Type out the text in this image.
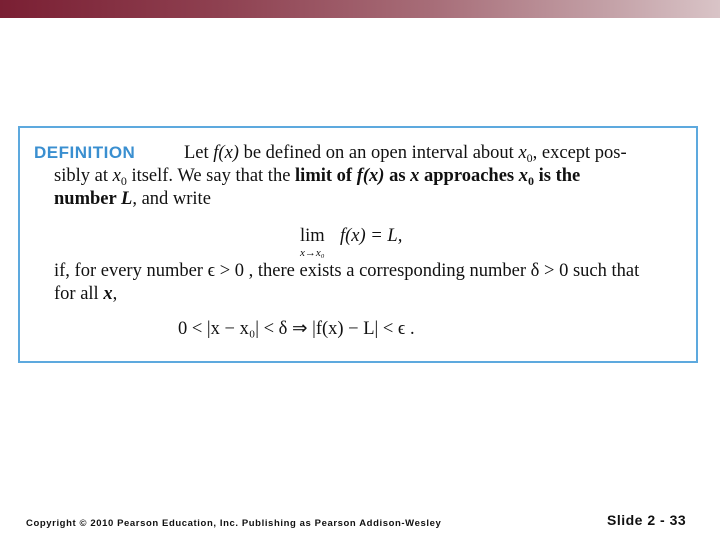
DEFINITION	Let f(x) be defined on an open interval about $x_0$, except pos-
sibly at $x_0$ itself. We say that the limit of f(x) as x approaches $x_0$ is the
number L, and write
lim
x→x₀
f(x) = L,
if, for every number ϵ > 0 , there exists a corresponding number δ > 0 such that
for all x,
0 < |x − x₀| < δ ⇒ |f(x) − L| < ϵ .
Copyright © 2010 Pearson Education, Inc. Publishing as Pearson Addison-Wesley	Slide 2 - 33
